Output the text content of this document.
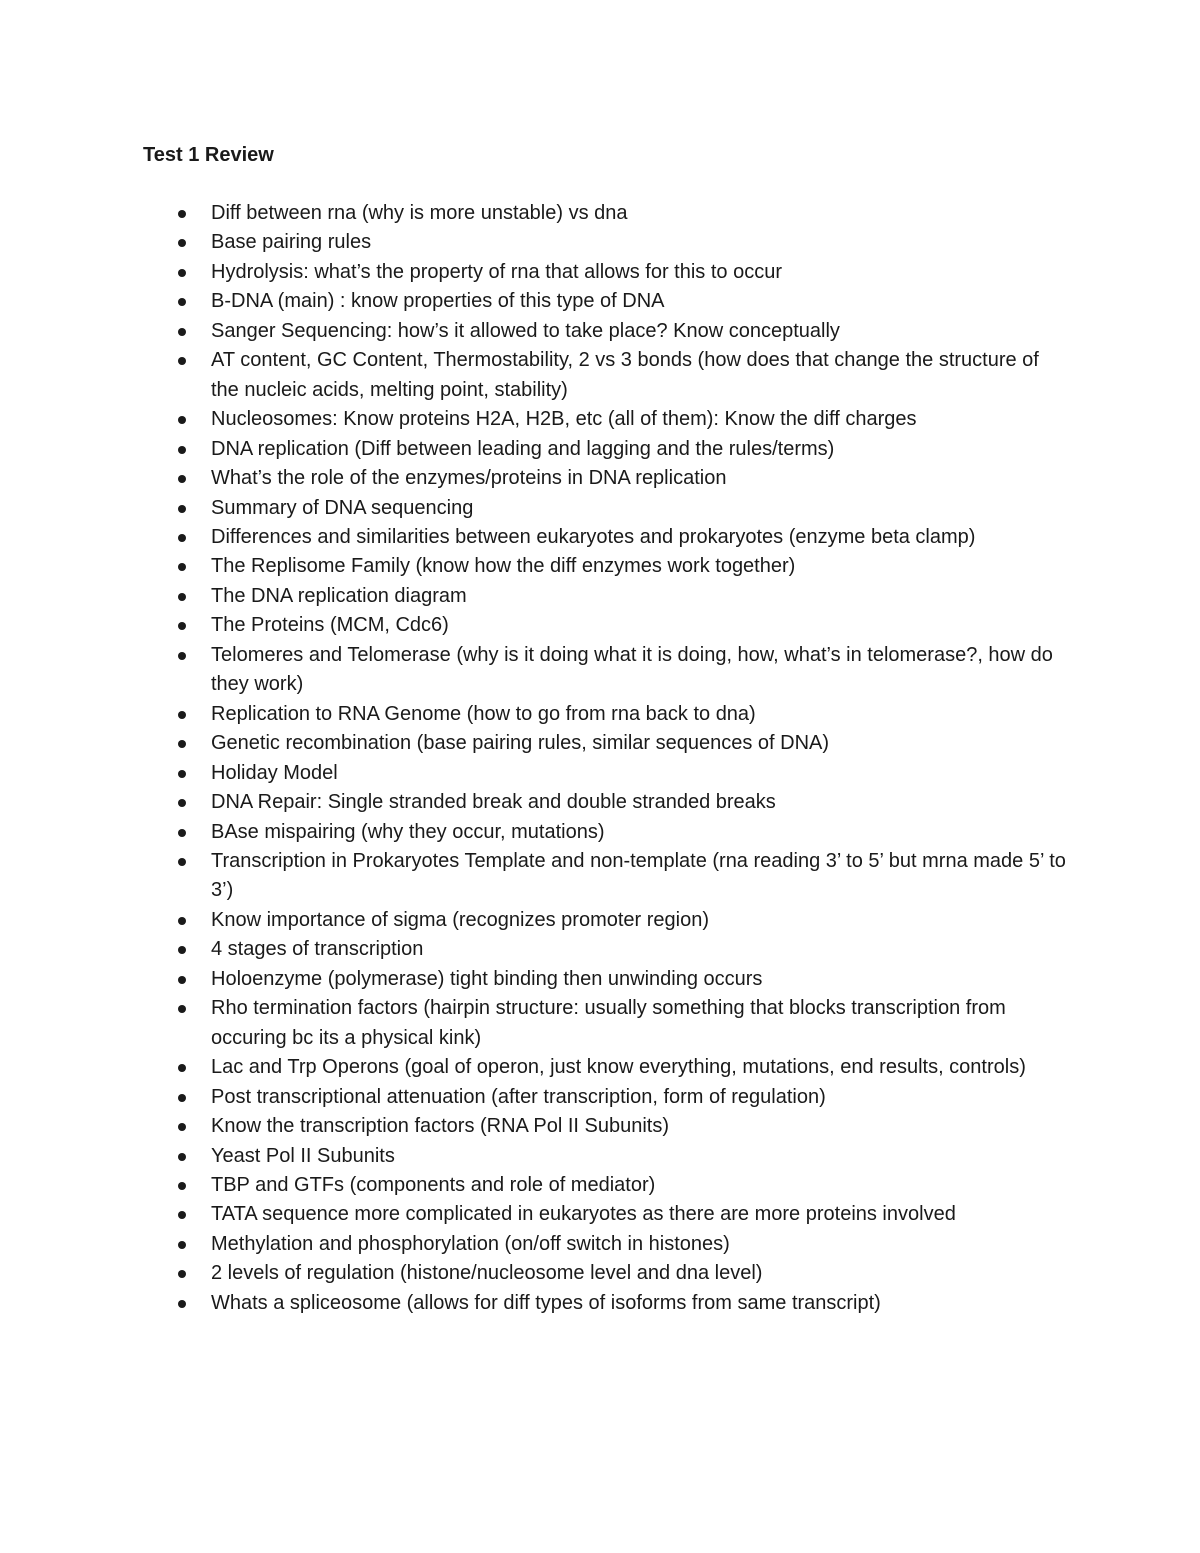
Test 1 Review
Diff between rna (why is more unstable) vs dna
Base pairing rules
Hydrolysis: what’s the property of rna that allows for this to occur
B-DNA (main) : know properties of this type of DNA
Sanger Sequencing: how’s it allowed to take place? Know conceptually
AT content, GC Content, Thermostability, 2 vs 3 bonds (how does that change the structure of the nucleic acids, melting point, stability)
Nucleosomes: Know proteins H2A, H2B, etc (all of them): Know the diff charges
DNA replication (Diff between leading and lagging and the rules/terms)
What’s the role of the enzymes/proteins in DNA replication
Summary of DNA sequencing
Differences and similarities between eukaryotes and prokaryotes (enzyme beta clamp)
The Replisome Family (know how the diff enzymes work together)
The DNA replication diagram
The Proteins (MCM, Cdc6)
Telomeres and Telomerase (why is it doing what it is doing, how, what’s in telomerase?, how do they work)
Replication to RNA Genome (how to go from rna back to dna)
Genetic recombination (base pairing rules, similar sequences of DNA)
Holiday Model
DNA Repair: Single stranded break and double stranded breaks
BAse mispairing (why they occur, mutations)
Transcription in Prokaryotes Template and non-template (rna reading 3’ to 5’ but mrna made 5’ to 3’)
Know importance of sigma (recognizes promoter region)
4 stages of transcription
Holoenzyme (polymerase) tight binding then unwinding occurs
Rho termination factors (hairpin structure: usually something that blocks transcription from occuring bc its a physical kink)
Lac and Trp Operons (goal of operon, just know everything, mutations, end results, controls)
Post transcriptional attenuation (after transcription, form of regulation)
Know the transcription factors (RNA Pol II Subunits)
Yeast Pol II Subunits
TBP and GTFs (components and role of mediator)
TATA sequence more complicated in eukaryotes as there are more proteins involved
Methylation and phosphorylation (on/off switch in histones)
2 levels of regulation (histone/nucleosome level and dna level)
Whats a spliceosome (allows for diff types of isoforms from same transcript)
